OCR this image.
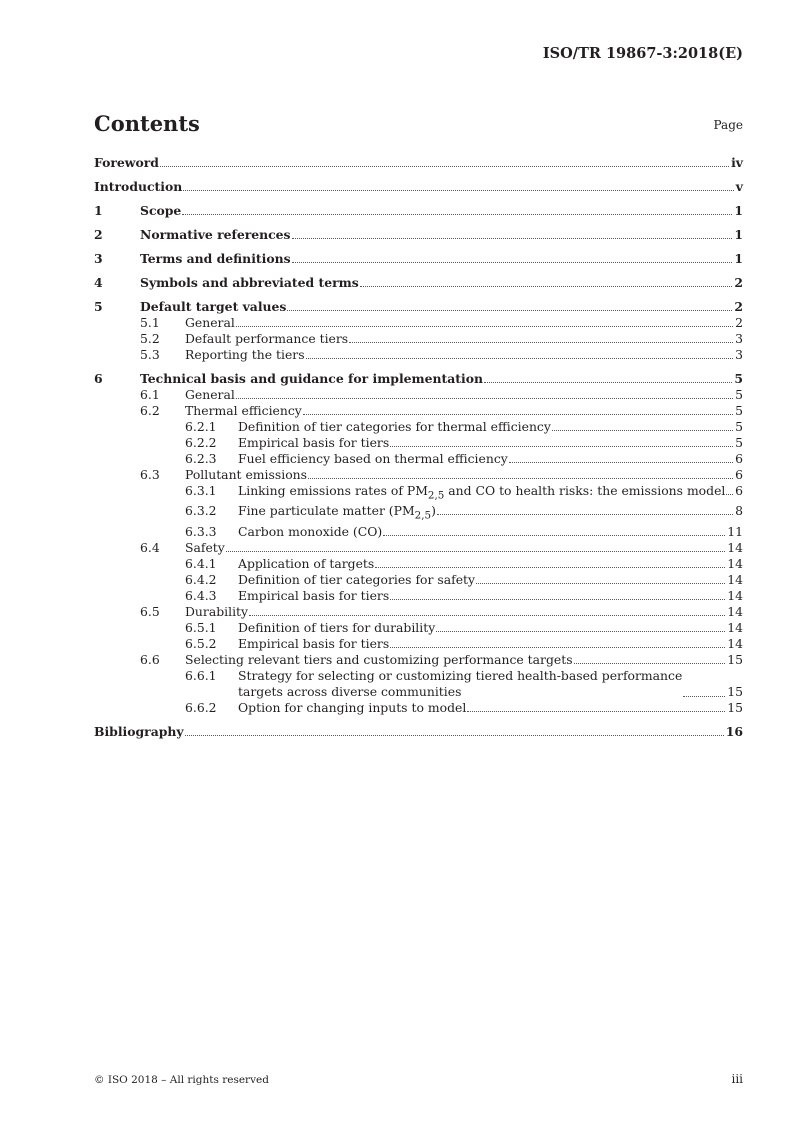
ISO/TR 19867-3:2018(E)
Contents	Page
Foreword	iv
Introduction	v
1	Scope	1
2	Normative references	1
3	Terms and definitions	1
4	Symbols and abbreviated terms	2
5	Default target values	2
5.1	General	2
5.2	Default performance tiers	3
5.3	Reporting the tiers	3
6	Technical basis and guidance for implementation	5
6.1	General	5
6.2	Thermal efficiency	5
6.2.1	Definition of tier categories for thermal efficiency	5
6.2.2	Empirical basis for tiers	5
6.2.3	Fuel efficiency based on thermal efficiency	6
6.3	Pollutant emissions	6
6.3.1	Linking emissions rates of $PM_{2,5}$ and CO to health risks: the emissions model 6
6.3.2	Fine particulate matter $(PM_{2,5})$	8
6.3.3	Carbon monoxide (CO)	11
6.4	Safety	14
6.4.1	Application of targets	14
6.4.2	Definition of tier categories for safety	14
6.4.3	Empirical basis for tiers	14
6.5	Durability	14
6.5.1	Definition of tiers for durability	14
6.5.2	Empirical basis for tiers	14
6.6	Selecting relevant tiers and customizing performance targets	15
6.6.1	Strategy for selecting or customizing tiered health-based performance
targets across diverse communities	15
6.6.2	Option for changing inputs to model	15
Bibliography	16
© ISO 2018 – All rights reserved	iii
